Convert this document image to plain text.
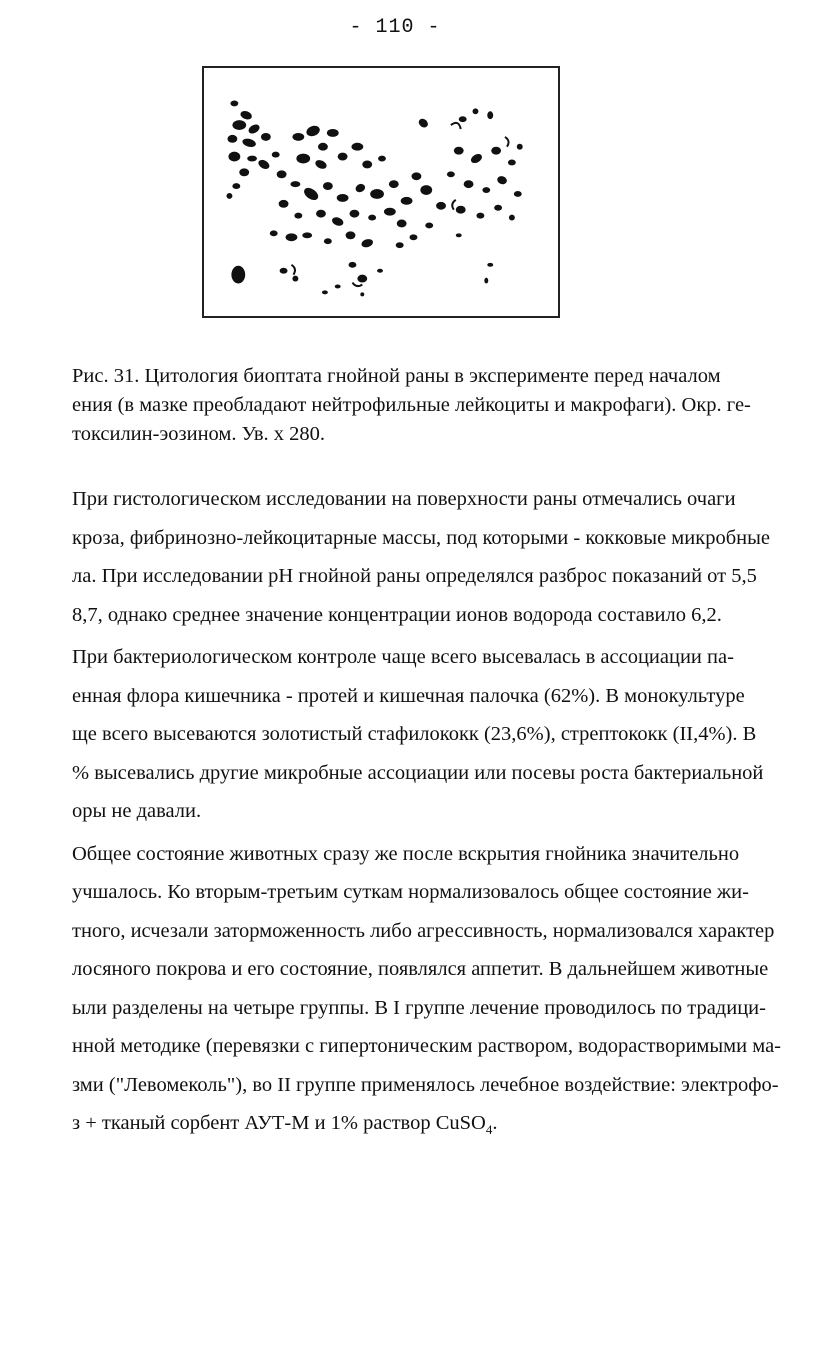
- 110 -
Рис. 31. Цитология биоптата гнойной раны в эксперименте перед началом
ения (в мазке преобладают нейтрофильные лейкоциты и макрофаги). Окр. ге-
токсилин-эозином. Ув. х 280.
При гистологическом исследовании на поверхности раны отмечались очаги
кроза, фибринозно-лейкоцитарные массы, под которыми - кокковые микробные
ла. При исследовании рН гнойной раны определялся разброс показаний от 5,5
8,7, однако среднее значение концентрации ионов водорода составило 6,2.
При бактериологическом контроле чаще всего высевалась в ассоциации па-
енная флора кишечника - протей и кишечная палочка (62%). В монокультуре
ще всего высеваются золотистый стафилококк (23,6%), стрептококк (II,4%). В
% высевались другие микробные ассоциации или посевы роста бактериальной
оры не давали.
Общее состояние животных сразу же после вскрытия гнойника значительно
учшалось. Ко вторым-третьим суткам нормализовалось общее состояние жи-
тного, исчезали заторможенность либо агрессивность, нормализовался характер
лосяного покрова и его состояние, появлялся аппетит. В дальнейшем животные
ыли разделены на четыре группы. В I группе лечение проводилось по традици-
нной методике (перевязки с гипертоническим раствором, водорастворимыми ма-
зми ("Левомеколь"), во II группе применялось лечебное воздействие: электрофо-
з + тканый сорбент АУТ-М и 1% раствор CuSO$_4$.
